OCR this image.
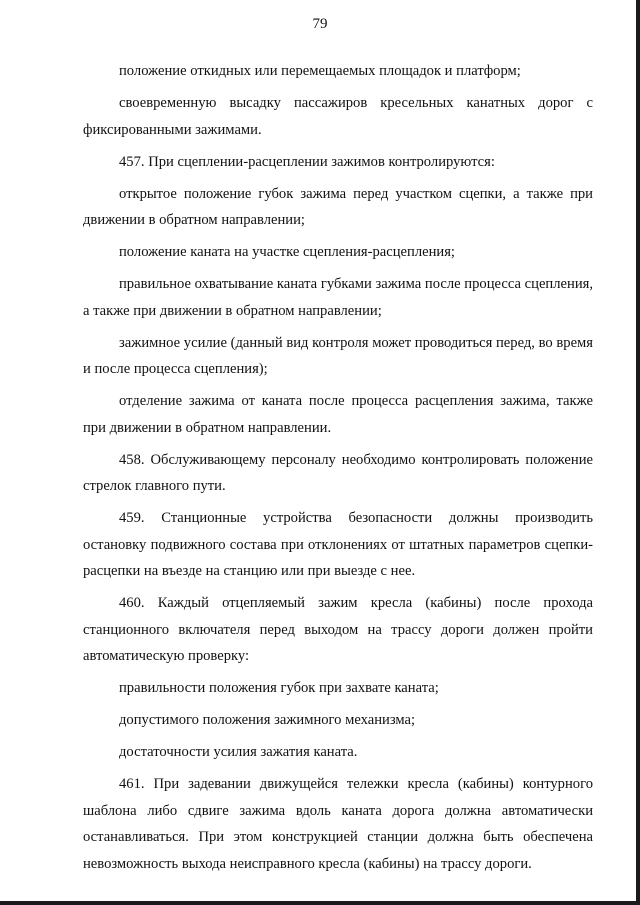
79

положение откидных или перемещаемых площадок и платформ;

своевременную высадку пассажиров кресельных канатных дорог с фиксированными зажимами.

457. При сцеплении-расцеплении зажимов контролируются:

открытое положение губок зажима перед участком сцепки, а также при движении в обратном направлении;

положение каната на участке сцепления-расцепления;

правильное охватывание каната губками зажима после процесса сцепления, а также при движении в обратном направлении;

зажимное усилие (данный вид контроля может проводиться перед, во время и после процесса сцепления);

отделение зажима от каната после процесса расцепления зажима, также при движении в обратном направлении.

458. Обслуживающему персоналу необходимо контролировать положение стрелок главного пути.

459. Станционные устройства безопасности должны производить остановку подвижного состава при отклонениях от штатных параметров сцепки-расцепки на въезде на станцию или при выезде с нее.

460. Каждый отцепляемый зажим кресла (кабины) после прохода станционного включателя перед выходом на трассу дороги должен пройти автоматическую проверку:

правильности положения губок при захвате каната;

допустимого положения зажимного механизма;

достаточности усилия зажатия каната.

461. При задевании движущейся тележки кресла (кабины) контурного шаблона либо сдвиге зажима вдоль каната дорога должна автоматически останавливаться. При этом конструкцией станции должна быть обеспечена невозможность выхода неисправного кресла (кабины) на трассу дороги.
